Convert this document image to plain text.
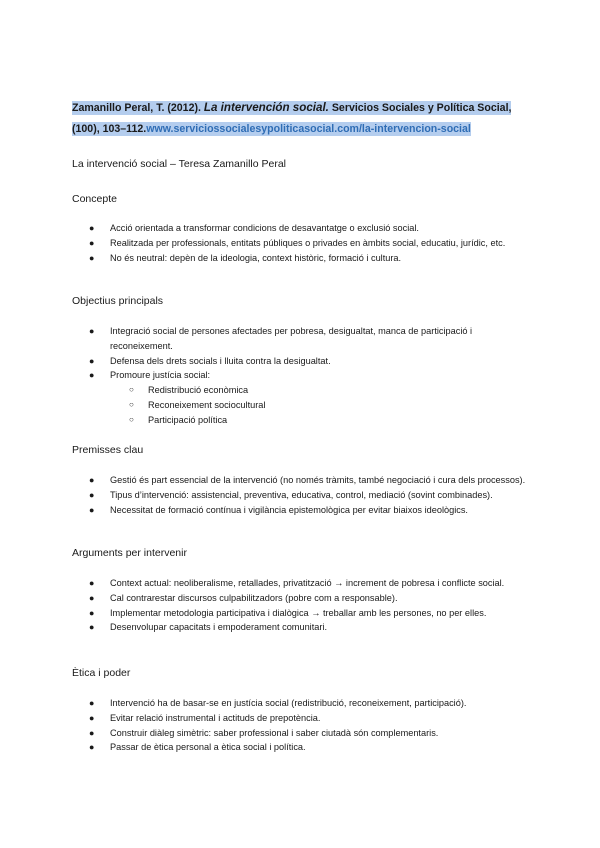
Zamanillo Peral, T. (2012). La intervención social. Servicios Sociales y Política Social, (100), 103–112.www.serviciossocialesypoliticasocial.com/la-intervencion-social
La intervenció social – Teresa Zamanillo Peral
Concepte
● Acció orientada a transformar condicions de desavantatge o exclusió social.
● Realitzada per professionals, entitats públiques o privades en àmbits social, educatiu, jurídic, etc.
● No és neutral: depèn de la ideologia, context històric, formació i cultura.
Objectius principals
● Integració social de persones afectades per pobresa, desigualtat, manca de participació i reconeixement.
● Defensa dels drets socials i lluita contra la desigualtat.
● Promoure justícia social:
○ Redistribució econòmica
○ Reconeixement sociocultural
○ Participació política
Premisses clau
● Gestió és part essencial de la intervenció (no només tràmits, també negociació i cura dels processos).
● Tipus d’intervenció: assistencial, preventiva, educativa, control, mediació (sovint combinades).
● Necessitat de formació contínua i vigilància epistemològica per evitar biaixos ideològics.
Arguments per intervenir
● Context actual: neoliberalisme, retallades, privatització → increment de pobresa i conflicte social.
● Cal contrarestar discursos culpabilitzadors (pobre com a responsable).
● Implementar metodologia participativa i dialògica → treballar amb les persones, no per elles.
● Desenvolupar capacitats i empoderament comunitari.
Ètica i poder
● Intervenció ha de basar-se en justícia social (redistribució, reconeixement, participació).
● Evitar relació instrumental i actituds de prepotència.
● Construir diàleg simètric: saber professional i saber ciutadà són complementaris.
● Passar de ètica personal a ètica social i política.
